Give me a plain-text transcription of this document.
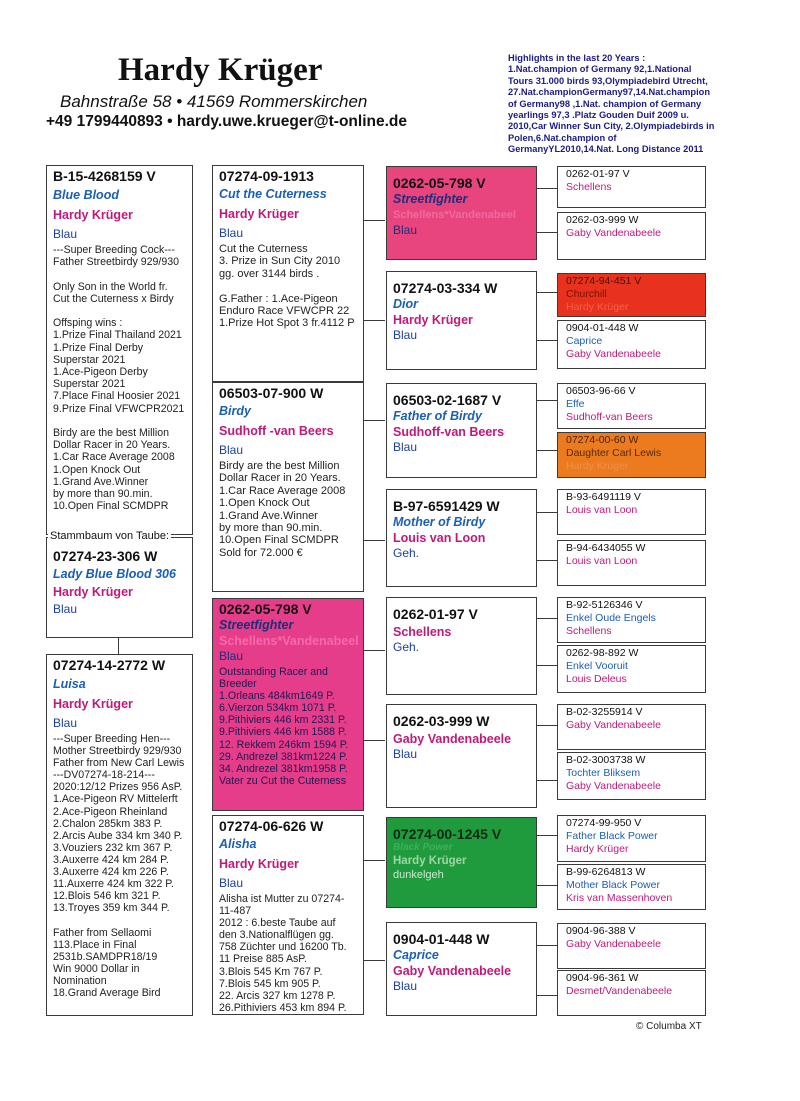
Hardy Krüger
Bahnstraße 58 • 41569 Rommerskirchen
+49 1799440893 • hardy.uwe.krueger@t-online.de
Highlights in the last 20 Years :
1.Nat.champion of Germany 92,1.National Tours 31.000 birds 93,Olympiadebird Utrecht, 27.Nat.championGermany97,14.Nat.champion of Germany98 ,1.Nat. champion of Germany yearlings 97,3 .Platz Gouden Duif 2009 u. 2010,Car Winner Sun City, 2.Olympiadebirds in Polen,6.Nat.champion of GermanyYL2010,14.Nat. Long Distance 2011
B-15-4268159 V
Blue Blood
Hardy Krüger
Blau
---Super Breeding Cock---
Father Streetbirdy 929/930

Only Son in the World fr.
Cut the Cuterness x Birdy

Offsping wins :
1.Prize Final Thailand 2021
1.Prize Final Derby
Superstar 2021
1.Ace-Pigeon Derby
Superstar 2021
7.Place Final Hoosier 2021
9.Prize Final VFWCPR2021

Birdy are the best Million
Dollar Racer in 20 Years.
1.Car Race Average 2008
1.Open Knock Out
1.Grand Ave.Winner
by more than 90.min.
10.Open Final SCMDPR
07274-23-306 W
Lady Blue Blood 306
Hardy Krüger
Blau
Stammbaum von Taube:
07274-14-2772 W
Luisa
Hardy Krüger
Blau
---Super Breeding Hen---
Mother Streetbirdy 929/930
Father from New Carl Lewis
---DV07274-18-214---
2020:12/12 Prizes 956 AsP.
1.Ace-Pigeon RV Mittelerft
2.Ace-Pigeon Rheinland
2.Chalon 285km 383 P.
2.Arcis Aube 334 km 340 P.
3.Vouziers 232 km 367 P.
3.Auxerre 424 km 284 P.
3.Auxerre 424 km 226 P.
11.Auxerre 424 km 322 P.
12.Blois 546 km 321 P.
13.Troyes 359 km 344 P.

Father from Sellaomi
113.Place in Final
2531b.SAMDPR18/19
Win 9000 Dollar in
Nomination
18.Grand Average Bird
07274-09-1913
Cut the Cuterness
Hardy Krüger
Blau
Cut the Cuterness
3. Prize in Sun City 2010
gg. over 3144 birds .

G.Father : 1.Ace-Pigeon
Enduro Race VFWCPR 22
1.Prize Hot Spot 3 fr.4112 P
06503-07-900 W
Birdy
Sudhoff -van Beers
Blau
Birdy are the best Million
Dollar Racer in 20 Years.
1.Car Race Average 2008
1.Open Knock Out
1.Grand Ave.Winner
by more than 90.min.
10.Open Final SCMDPR
Sold for 72.000 €
0262-05-798 V
Streetfighter
Schellens*Vandenabeel
Blau
Outstanding Racer and
Breeder
1.Orleans 484km1649 P.
6.Vierzon 534km 1071 P.
9.Pithiviers 446 km 2331 P.
9.Pithiviers 446 km 1588 P.
12. Rekkem 246km 1594 P.
29. Andrezel 381km1224 P.
34. Andrezel 381km1958 P.
Vater zu Cut the Cuterness
07274-06-626 W
Alisha
Hardy Krüger
Blau
Alisha ist Mutter zu 07274-
11-487
2012 : 6.beste Taube auf
den 3.Nationalflügen gg.
758 Züchter und 16200 Tb.
11 Preise 885 AsP.
3.Blois 545 Km 767 P.
7.Blois 545 km 905 P.
22. Arcis 327 km 1278 P.
26.Pithiviers 453 km 894 P.
0262-05-798 V
Streetfighter
Schellens*Vandenabeel
Blau
07274-03-334 W
Dior
Hardy Krüger
Blau
06503-02-1687 V
Father of Birdy
Sudhoff-van Beers
Blau
B-97-6591429 W
Mother of Birdy
Louis van Loon
Geh.
0262-01-97 V
Schellens
Geh.
0262-03-999 W
Gaby Vandenabeele
Blau
07274-00-1245 V
Black Power
Hardy Krüger
dunkelgeh
0904-01-448 W
Caprice
Gaby Vandenabeele
Blau
0262-01-97 V
Schellens
0262-03-999 W
Gaby Vandenabeele
07274-94-451 V
Churchill
Hardy Krüger
0904-01-448 W
Caprice
Gaby Vandenabeele
06503-96-66 V
Effe
Sudhoff-van Beers
07274-00-60 W
Daughter Carl Lewis
Hardy Krüger
B-93-6491119 V
Louis van Loon
B-94-6434055 W
Louis van Loon
B-92-5126346 V
Enkel Oude Engels
Schellens
0262-98-892 W
Enkel Vooruit
Louis Deleus
B-02-3255914 V
Gaby Vandenabeele
B-02-3003738 W
Tochter Bliksem
Gaby Vandenabeele
07274-99-950 V
Father Black Power
Hardy Krüger
B-99-6264813 W
Mother Black Power
Kris van Massenhoven
0904-96-388 V
Gaby Vandenabeele
0904-96-361 W
Desmet/Vandenabeele
© Columba XT
